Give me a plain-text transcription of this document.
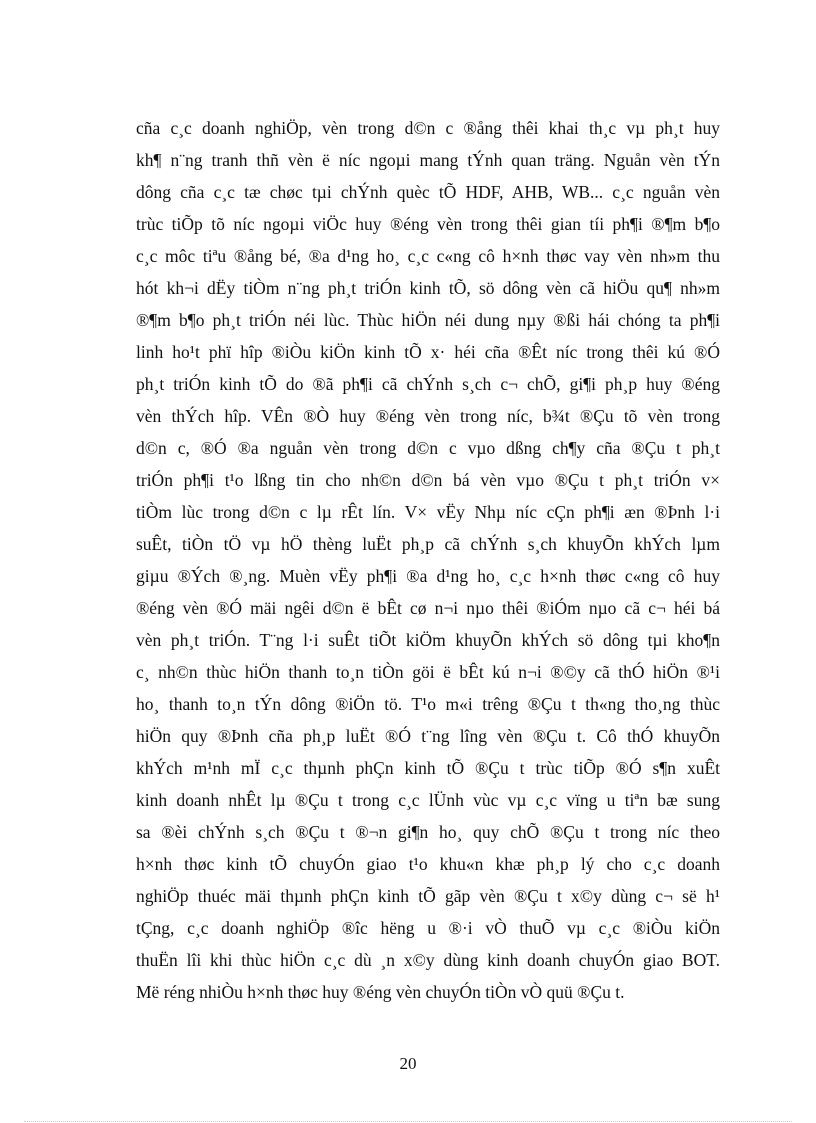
cña c¸c doanh nghiÖp, vèn trong d©n c ®ång thêi khai th¸c vµ ph¸t huy
kh¶ n¨ng tranh thñ vèn ë níc ngoµi mang tÝnh quan träng. Nguån vèn tÝn
dông cña c¸c tæ chøc tµi chÝnh quèc tÕ HDF, AHB, WB... c¸c nguån vèn
trùc tiÕp tõ níc ngoµi viÖc huy ®éng vèn trong thêi gian tíi ph¶i ®¶m b¶o
c¸c môc tiªu ®ång bé, ®a d¹ng ho¸ c¸c c«ng cô h×nh thøc vay vèn nh»m thu
hót kh¬i dËy tiÒm n¨ng ph¸t triÓn kinh tÕ, sö dông vèn cã hiÖu qu¶ nh»m
®¶m b¶o ph¸t triÓn néi lùc. Thùc hiÖn néi dung nµy ®ßi hái chóng ta ph¶i
linh ho¹t phï hîp ®iÒu kiÖn kinh tÕ x· héi cña ®Êt níc trong thêi kú ®Ó
ph¸t triÓn kinh tÕ do ®ã ph¶i cã chÝnh s¸ch c¬ chÕ, gi¶i ph¸p huy ®éng
vèn thÝch hîp. VÊn ®Ò huy ®éng vèn trong níc, b¾t ®Çu tõ vèn trong
d©n c, ®Ó ®a nguån vèn trong d©n c vµo dßng ch¶y cña ®Çu t ph¸t
triÓn ph¶i t¹o lßng tin cho nh©n d©n bá vèn vµo ®Çu t ph¸t triÓn v×
tiÒm lùc trong d©n c lµ rÊt lín. V× vËy Nhµ níc cÇn ph¶i æn ®Þnh l·i
suÊt, tiÒn tÖ vµ hÖ thèng luËt ph¸p cã chÝnh s¸ch khuyÕn khÝch lµm
giµu ®Ých ®¸ng. Muèn vËy ph¶i ®a d¹ng ho¸ c¸c h×nh thøc c«ng cô huy
®éng vèn ®Ó mäi ngêi d©n ë bÊt cø n¬i nµo thêi ®iÓm nµo cã c¬ héi bá
vèn ph¸t triÓn. T¨ng l·i suÊt tiÕt kiÖm khuyÕn khÝch sö dông tµi kho¶n
c¸ nh©n thùc hiÖn thanh to¸n tiÒn göi ë bÊt kú n¬i ®©y cã thÓ hiÖn ®¹i
ho¸ thanh to¸n tÝn dông ®iÖn tö. T¹o m«i trêng ®Çu t th«ng tho¸ng thùc
hiÖn quy ®Þnh cña ph¸p luËt ®Ó t¨ng lîng vèn ®Çu t. Cô thÓ khuyÕn
khÝch m¹nh mÏ c¸c thµnh phÇn kinh tÕ ®Çu t trùc tiÕp ®Ó s¶n xuÊt
kinh doanh nhÊt lµ ®Çu t trong c¸c lÜnh vùc vµ c¸c vïng u tiªn bæ sung
sa ®èi chÝnh s¸ch ®Çu t ®¬n gi¶n ho¸ quy chÕ ®Çu t trong níc theo
h×nh thøc kinh tÕ chuyÓn giao t¹o khu«n khæ ph¸p lý cho c¸c doanh
nghiÖp thuéc mäi thµnh phÇn kinh tÕ gãp vèn ®Çu t x©y dùng c¬ së h¹
tÇng, c¸c doanh nghiÖp ®îc hëng u ®·i vÒ thuÕ vµ c¸c ®iÒu kiÖn
thuËn lîi khi thùc hiÖn c¸c dù ¸n x©y dùng kinh doanh chuyÓn giao BOT.
Më réng nhiÒu h×nh thøc huy ®éng vèn chuyÓn tiÒn vÒ quü ®Çu t.
20
